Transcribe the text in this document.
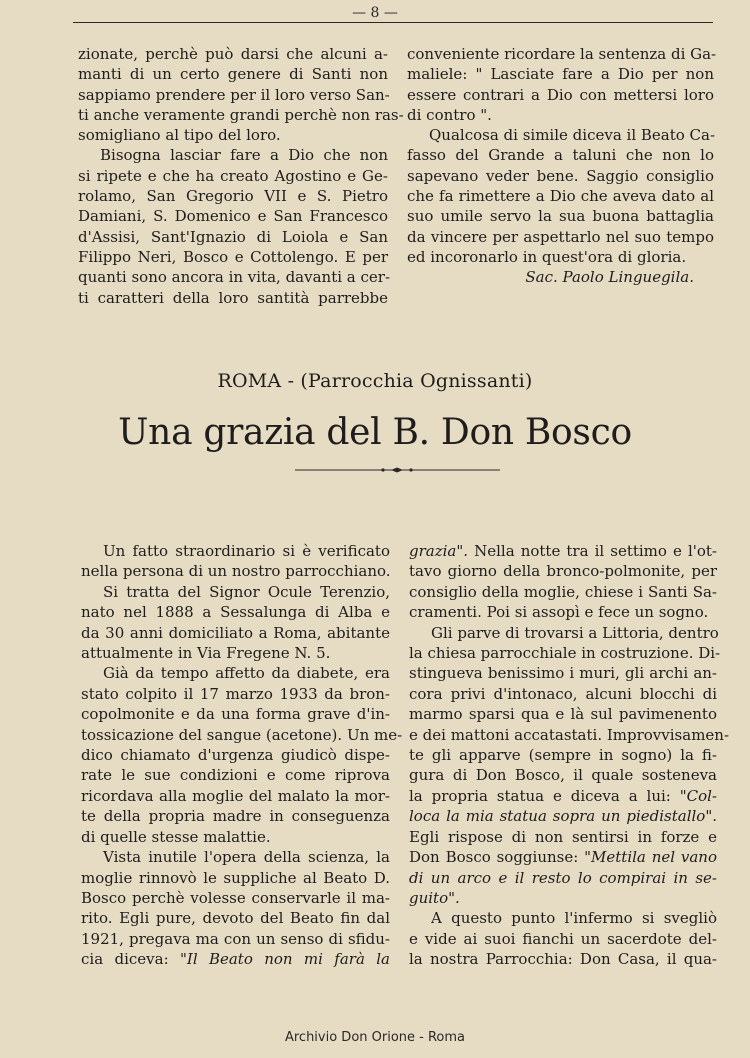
— 8 —
zionate, perchè può darsi che alcuni a-
manti di un certo genere di Santi non
sappiamo prendere per il loro verso San-
ti anche veramente grandi perchè non ras-
somigliano al tipo del loro.
Bisogna lasciar fare a Dio che non
si ripete e che ha creato Agostino e Ge-
rolamo, San Gregorio VII e S. Pietro
Damiani, S. Domenico e San Francesco
d'Assisi, Sant'Ignazio di Loiola e San
Filippo Neri, Bosco e Cottolengo. E per
quanti sono ancora in vita, davanti a cer-
ti caratteri della loro santità parrebbe
conveniente ricordare la sentenza di Ga-
maliele: " Lasciate fare a Dio per non
essere contrari a Dio con mettersi loro
di contro ".
Qualcosa di simile diceva il Beato Ca-
fasso del Grande a taluni che non lo
sapevano veder bene. Saggio consiglio
che fa rimettere a Dio che aveva dato al
suo umile servo la sua buona battaglia
da vincere per aspettarlo nel suo tempo
ed incoronarlo in quest'ora di gloria.

Sac. Paolo Linguegila.

ROMA - (Parrocchia Ognissanti)
Una grazia del B. Don Bosco
Un fatto straordinario si è verificato
nella persona di un nostro parrocchiano.
Si tratta del Signor Ocule Terenzio,
nato nel 1888 a Sessalunga di Alba e
da 30 anni domiciliato a Roma, abitante
attualmente in Via Fregene N. 5.
Già da tempo affetto da diabete, era
stato colpito il 17 marzo 1933 da bron-
copolmonite e da una forma grave d'in-
tossicazione del sangue (acetone). Un me-
dico chiamato d'urgenza giudicò dispe-
rate le sue condizioni e come riprova
ricordava alla moglie del malato la mor-
te della propria madre in conseguenza
di quelle stesse malattie.
Vista inutile l'opera della scienza, la
moglie rinnovò le suppliche al Beato D.
Bosco perchè volesse conservarle il ma-
rito. Egli pure, devoto del Beato fin dal
1921, pregava ma con un senso di sfidu-
cia diceva: "Il Beato non mi farà la
grazia". Nella notte tra il settimo e l'ot-
tavo giorno della bronco-polmonite, per
consiglio della moglie, chiese i Santi Sa-
cramenti. Poi si assopì e fece un sogno.
Gli parve di trovarsi a Littoria, dentro
la chiesa parrocchiale in costruzione. Di-
stingueva benissimo i muri, gli archi an-
cora privi d'intonaco, alcuni blocchi di
marmo sparsi qua e là sul pavimenento
e dei mattoni accatastati. Improvvisamen-
te gli apparve (sempre in sogno) la fi-
gura di Don Bosco, il quale sosteneva
la propria statua e diceva a lui: "Col-
loca la mia statua sopra un piedistallo".
Egli rispose di non sentirsi in forze e
Don Bosco soggiunse: "Mettila nel vano
di un arco e il resto lo compirai in se-
guito".
A questo punto l'infermo si svegliò
e vide ai suoi fianchi un sacerdote del-
la nostra Parrocchia: Don Casa, il qua-
Archivio Don Orione - Roma
